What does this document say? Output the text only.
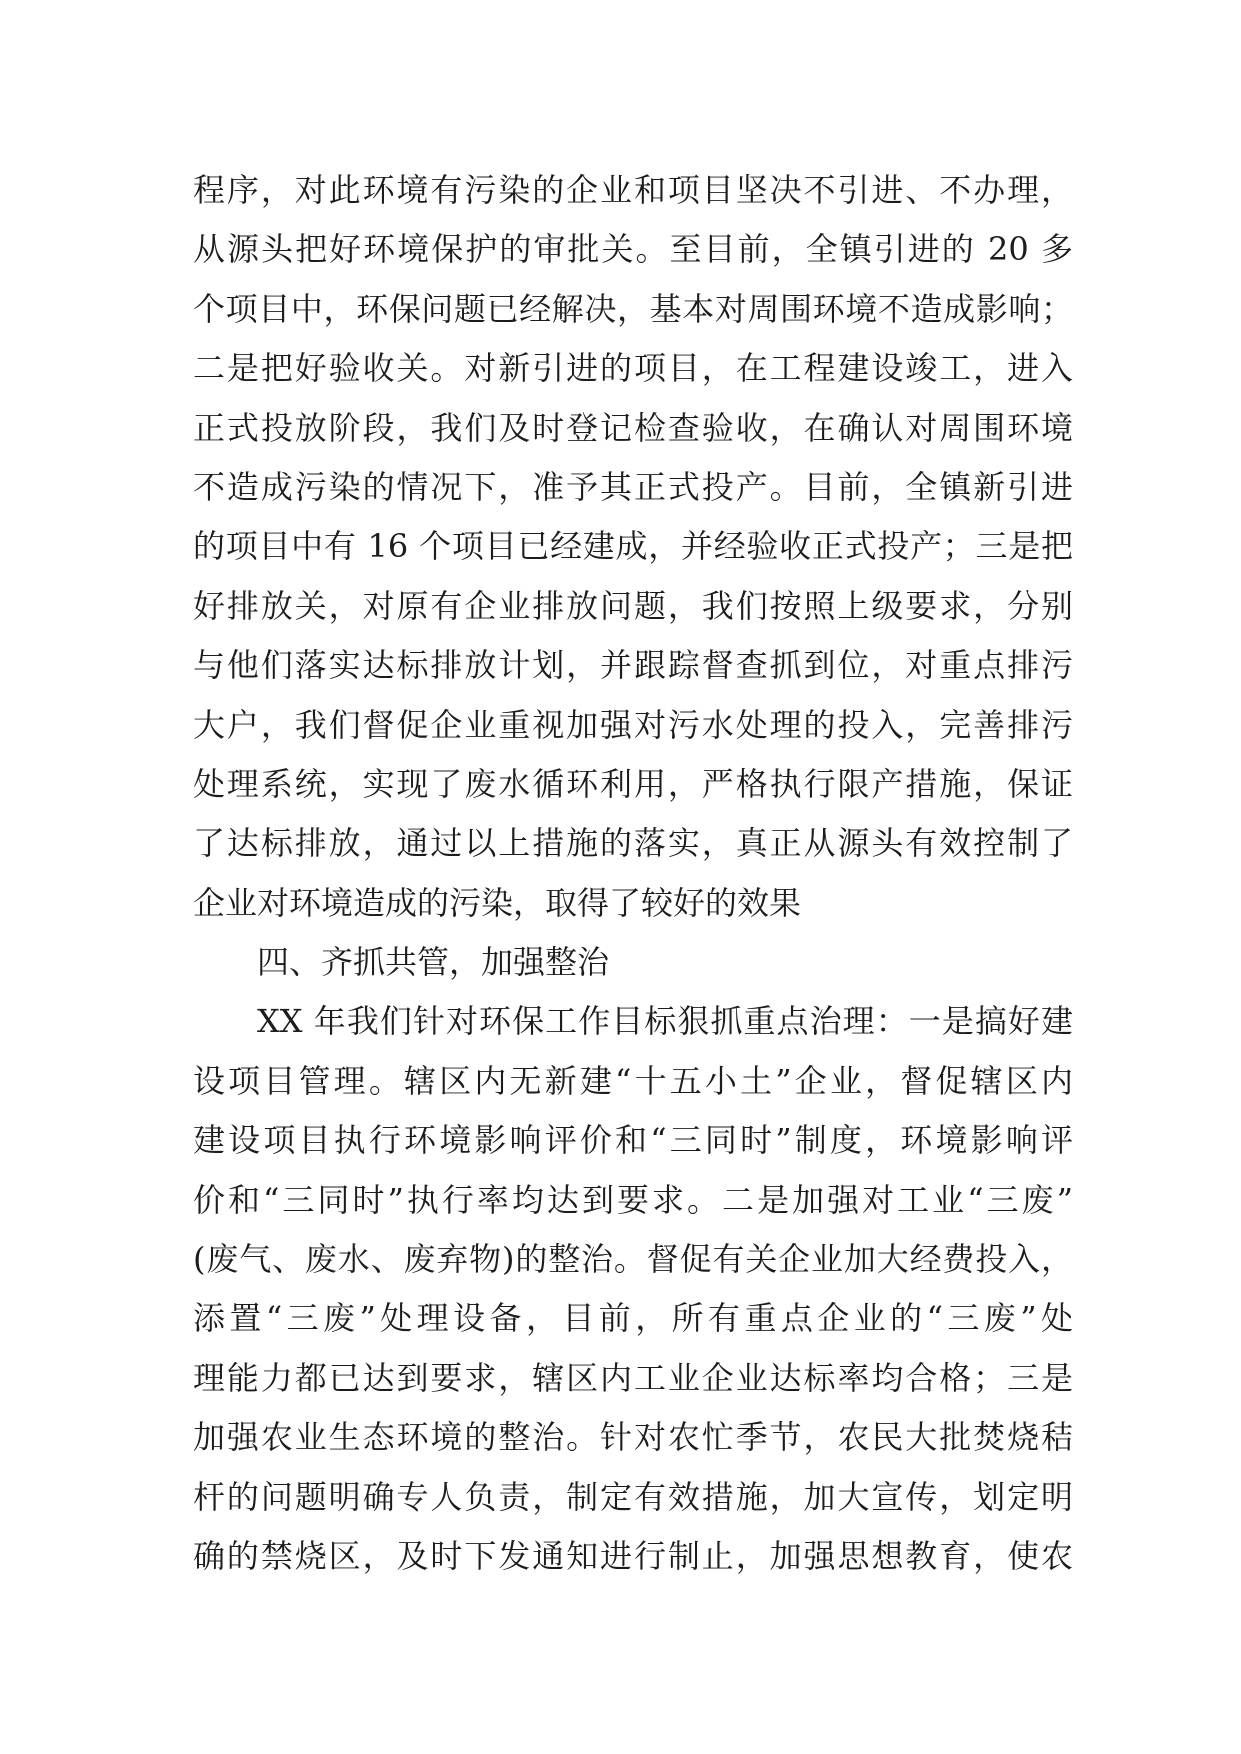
程序，对此环境有污染的企业和项目坚决不引进、不办理，
从源头把好环境保护的审批关。至目前，全镇引进的 20 多
个项目中，环保问题已经解决，基本对周围环境不造成影响；
二是把好验收关。对新引进的项目，在工程建设竣工，进入
正式投放阶段，我们及时登记检查验收，在确认对周围环境
不造成污染的情况下，准予其正式投产。目前，全镇新引进
的项目中有 16 个项目已经建成，并经验收正式投产；三是把
好排放关，对原有企业排放问题，我们按照上级要求，分别
与他们落实达标排放计划，并跟踪督查抓到位，对重点排污
大户，我们督促企业重视加强对污水处理的投入，完善排污
处理系统，实现了废水循环利用，严格执行限产措施，保证
了达标排放，通过以上措施的落实，真正从源头有效控制了
企业对环境造成的污染，取得了较好的效果
四、齐抓共管，加强整治
XX 年我们针对环保工作目标狠抓重点治理：一是搞好建
设项目管理。辖区内无新建“十五小土”企业，督促辖区内
建设项目执行环境影响评价和“三同时”制度，环境影响评
价和“三同时”执行率均达到要求。二是加强对工业“三废”
(废气、废水、废弃物)的整治。督促有关企业加大经费投入，
添置“三废”处理设备，目前，所有重点企业的“三废”处
理能力都已达到要求，辖区内工业企业达标率均合格；三是
加强农业生态环境的整治。针对农忙季节，农民大批焚烧秸
杆的问题明确专人负责，制定有效措施，加大宣传，划定明
确的禁烧区，及时下发通知进行制止，加强思想教育，使农
